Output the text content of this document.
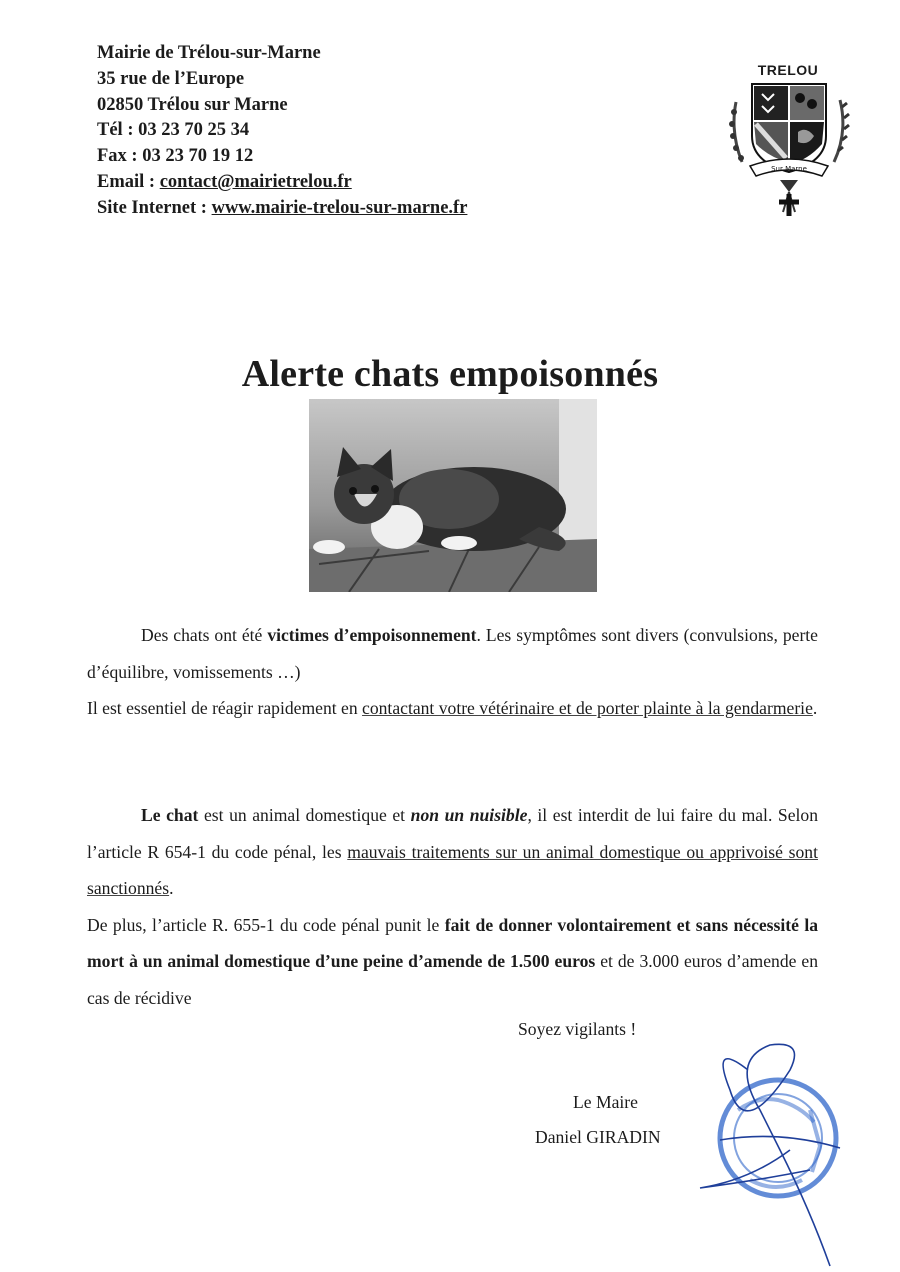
Mairie de Trélou-sur-Marne
35 rue de l’Europe
02850 Trélou sur Marne
Tél : 03 23 70 25 34
Fax : 03 23 70 19 12
Email : contact@mairietrelou.fr
Site Internet : www.mairie-trelou-sur-marne.fr
TRELOU
Sur Marne
Alerte chats empoisonnés
Des chats ont été victimes d’empoisonnement. Les symptômes sont divers (convulsions, perte d’équilibre, vomissements …)
Il est essentiel de réagir rapidement en contactant votre vétérinaire et de porter plainte à la gendarmerie.
Le chat est un animal domestique et non un nuisible, il est interdit de lui faire du mal. Selon l’article R 654-1 du code pénal, les mauvais traitements sur un animal domestique ou apprivoisé sont sanctionnés.
De plus, l’article R. 655-1 du code pénal punit le fait de donner volontairement et sans nécessité la mort à un animal domestique d’une peine d’amende de 1.500 euros et de 3.000 euros d’amende en cas de récidive
Soyez vigilants !
Le Maire
Daniel GIRADIN
